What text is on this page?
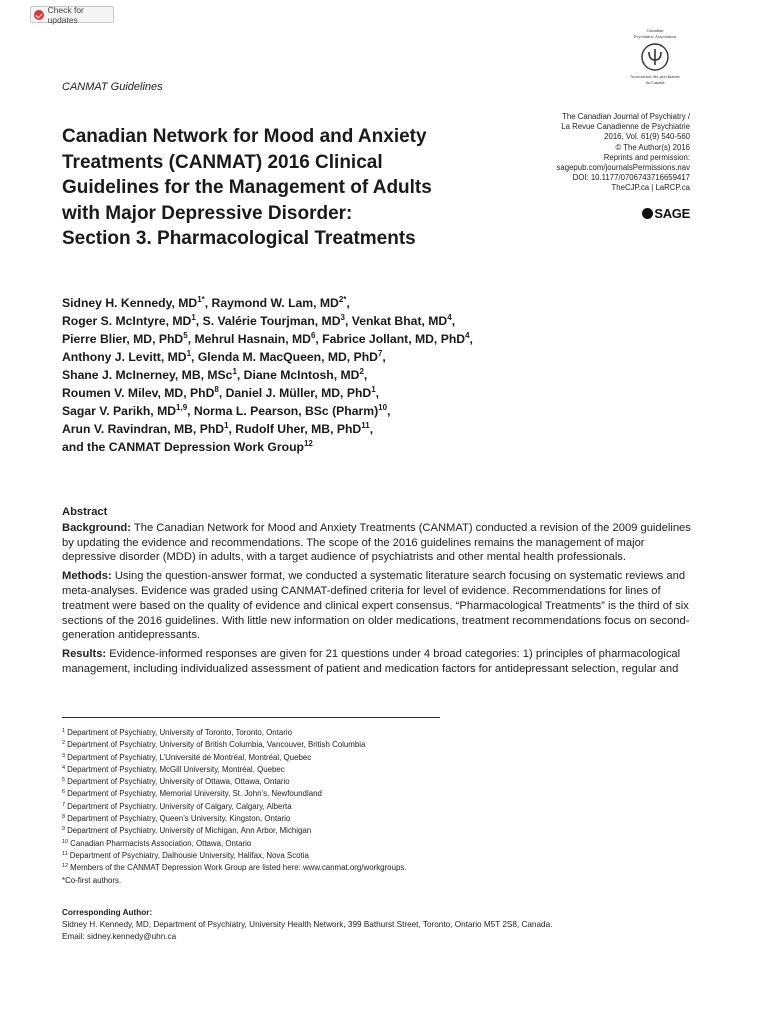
Check for updates
Canadian
Psychiatric Association
Association des psychiatres
du Canada
CANMAT Guidelines
The Canadian Journal of Psychiatry /
La Revue Canadienne de Psychiatrie
2016, Vol. 61(9) 540-560
© The Author(s) 2016
Reprints and permission:
sagepub.com/journalsPermissions.nav
DOI: 10.1177/0706743716659417
TheCJP.ca | LaRCP.ca
SAGE
Canadian Network for Mood and Anxiety
Treatments (CANMAT) 2016 Clinical
Guidelines for the Management of Adults
with Major Depressive Disorder:
Section 3. Pharmacological Treatments

Sidney H. Kennedy, $MD^{1*}$, Raymond W. Lam, $MD^{2*}$,

Roger S. McIntyre, $MD^1$, S. Valérie Tourjman, $MD^3$, Venkat Bhat, $MD^4$,

Pierre Blier, MD, PhD$^5$, Mehrul Hasnain, $MD^6$, Fabrice Jollant, MD, PhD$^4$,

Anthony J. Levitt, $MD^1$, Glenda M. MacQueen, MD, PhD$^7$,

Shane J. McInerney, MB, MSc$^1$, Diane McIntosh, $MD^2$,

Roumen V. Milev, MD, PhD$^8$, Daniel J. Müller, MD, PhD$^1$,

Sagar V. Parikh, MD$^{1,9}$, Norma L. Pearson, BSc (Pharm)$^{10}$,

Arun V. Ravindran, MB, PhD$^1$, Rudolf Uher, MB, PhD$^{11}$,

and the CANMAT Depression Work Group$^{12}$

Abstract

Background: The Canadian Network for Mood and Anxiety Treatments (CANMAT) conducted a revision of the 2009 guidelines by updating the evidence and recommendations. The scope of the 2016 guidelines remains the management of major depressive disorder (MDD) in adults, with a target audience of psychiatrists and other mental health professionals.

Methods: Using the question-answer format, we conducted a systematic literature search focusing on systematic reviews and meta-analyses. Evidence was graded using CANMAT-defined criteria for level of evidence. Recommendations for lines of treatment were based on the quality of evidence and clinical expert consensus. “Pharmacological Treatments” is the third of six sections of the 2016 guidelines. With little new information on older medications, treatment recommendations focus on second-generation antidepressants.

Results: Evidence-informed responses are given for 21 questions under 4 broad categories: 1) principles of pharmacological management, including individualized assessment of patient and medication factors for antidepressant selection, regular and

$^1$ Department of Psychiatry, University of Toronto, Toronto, Ontario
$^2$ Department of Psychiatry, University of British Columbia, Vancouver, British Columbia
$^3$ Department of Psychiatry, L’Université de Montréal, Montréal, Quebec
$^4$ Department of Psychiatry, McGill University, Montréal, Quebec
$^5$ Department of Psychiatry, University of Ottawa, Ottawa, Ontario
$^6$ Department of Psychiatry, Memorial University, St. John’s, Newfoundland
$^7$ Department of Psychiatry, University of Calgary, Calgary, Alberta
$^8$ Department of Psychiatry, Queen’s University, Kingston, Ontario
$^9$ Department of Psychiatry, University of Michigan, Ann Arbor, Michigan
$^{10}$ Canadian Pharmacists Association, Ottawa, Ontario
$^{11}$ Department of Psychiatry, Dalhousie University, Halifax, Nova Scotia
$^{12}$ Members of the CANMAT Depression Work Group are listed here: www.canmat.org/workgroups.
*Co-first authors.
Corresponding Author:
Sidney H. Kennedy, MD, Department of Psychiatry, University Health Network, 399 Bathurst Street, Toronto, Ontario M5T 2S8, Canada.
Email: sidney.kennedy@uhn.ca
